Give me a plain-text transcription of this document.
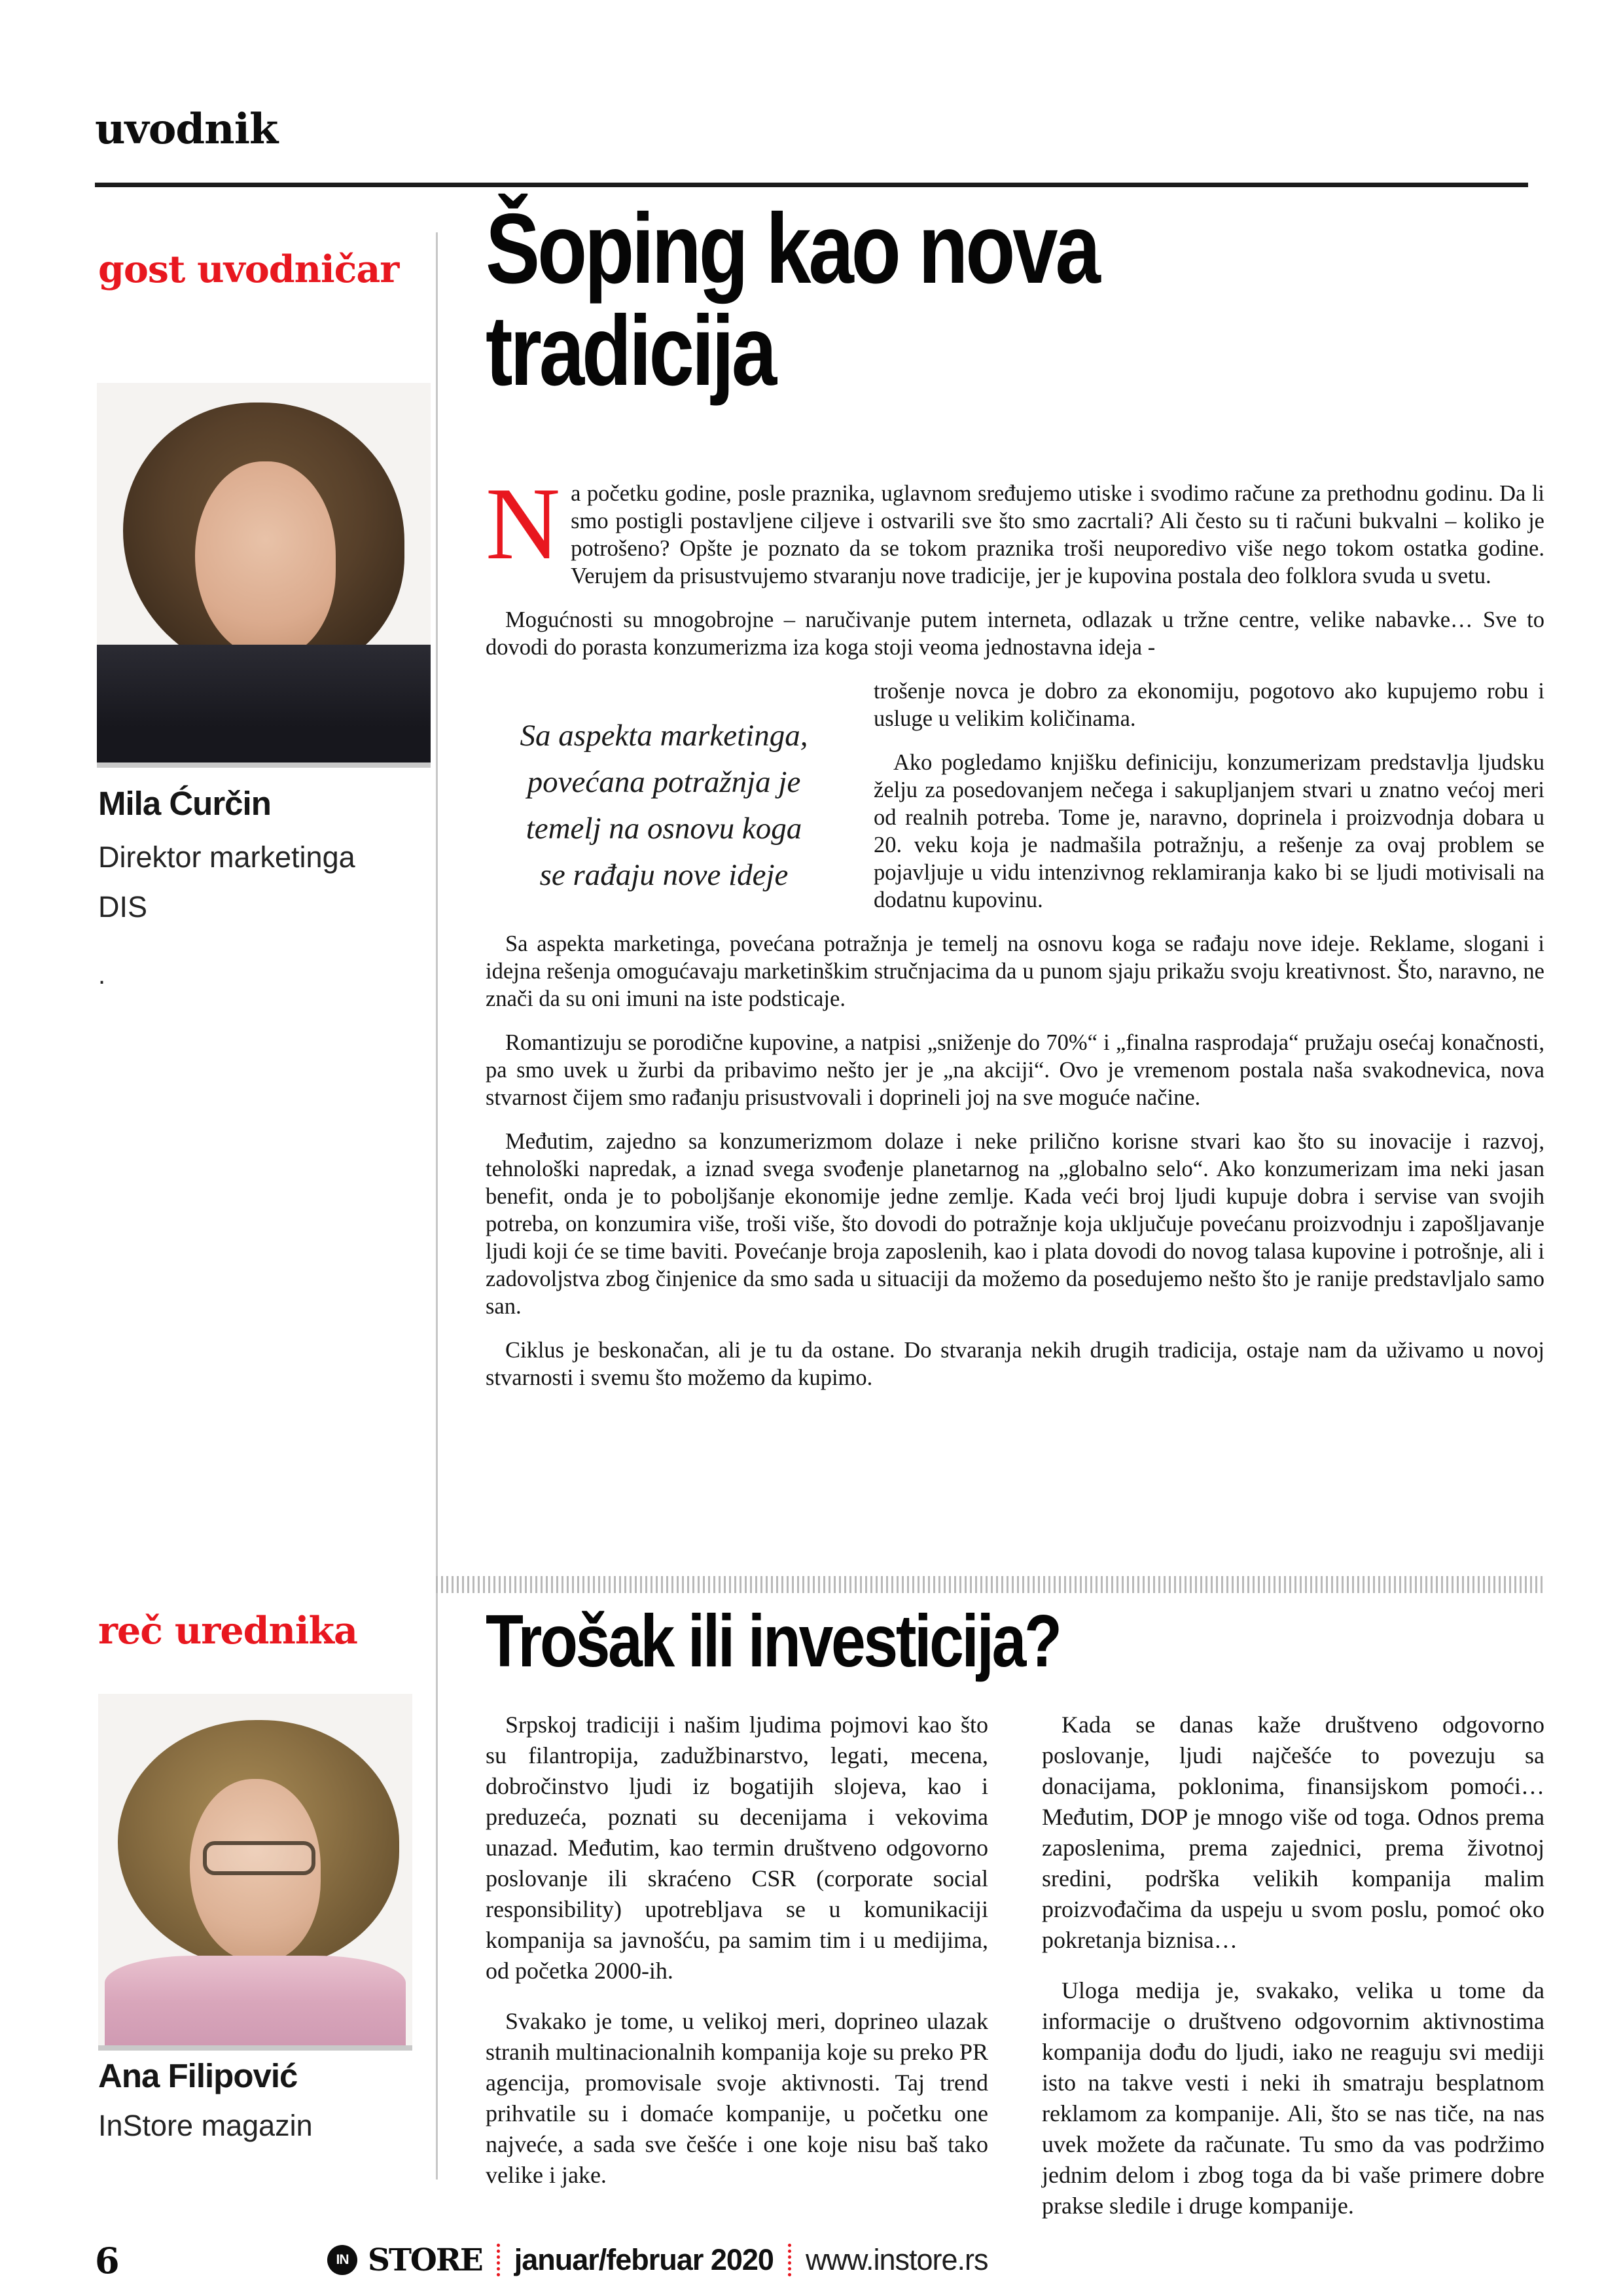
uvodnik
gost uvodničar
Mila Ćurčin
Direktor marketinga
DIS
.
reč urednika
Ana Filipović
InStore magazin
Šoping kao nova
tradicija

Na početku godine, posle praznika, uglavnom sređujemo utiske i svodimo račune za prethodnu godinu. Da li smo postigli postavljene ciljeve i ostvarili sve što smo zacrtali? Ali često su ti računi bukvalni – koliko je potrošeno? Opšte je poznato da se tokom praznika troši neuporedivo više nego tokom ostatka godine. Verujem da prisustvujemo stvaranju nove tradicije, jer je kupovina postala deo folklora svuda u svetu.

Mogućnosti su mnogobrojne – naručivanje putem interneta, odlazak u tržne centre, velike nabavke… Sve to dovodi do porasta konzumerizma iza koga stoji veoma jednostavna ideja -

Sa aspekta marketinga,
povećana potražnja je
temelj na osnovu koga
se rađaju nove ideje

trošenje novca je dobro za ekonomiju, pogotovo ako kupujemo robu i usluge u velikim količinama.

Ako pogledamo knjišku definiciju, konzumerizam predstavlja ljudsku želju za posedovanjem nečega i sakupljanjem stvari u znatno većoj meri od realnih potreba. Tome je, naravno, doprinela i proizvodnja dobara u 20. veku koja je nadmašila potražnju, a rešenje za ovaj problem se pojavljuje u vidu intenzivnog reklamiranja kako bi se ljudi motivisali na dodatnu kupovinu.

Sa aspekta marketinga, povećana potražnja je temelj na osnovu koga se rađaju nove ideje. Reklame, slogani i idejna rešenja omogućavaju marketinškim stručnjacima da u punom sjaju prikažu svoju kreativnost. Što, naravno, ne znači da su oni imuni na iste podsticaje.

Romantizuju se porodične kupovine, a natpisi „sniženje do 70%“ i „finalna rasprodaja“ pružaju osećaj konačnosti, pa smo uvek u žurbi da pribavimo nešto jer je „na akciji“. Ovo je vremenom postala naša svakodnevica, nova stvarnost čijem smo rađanju prisustvovali i doprineli joj na sve moguće načine.

Međutim, zajedno sa konzumerizmom dolaze i neke prilično korisne stvari kao što su inovacije i razvoj, tehnološki napredak, a iznad svega svođenje planetarnog na „globalno selo“. Ako konzumerizam ima neki jasan benefit, onda je to poboljšanje ekonomije jedne zemlje. Kada veći broj ljudi kupuje dobra i servise van svojih potreba, on konzumira više, troši više, što dovodi do potražnje koja uključuje povećanu proizvodnju i zapošljavanje ljudi koji će se time baviti. Povećanje broja zaposlenih, kao i plata dovodi do novog talasa kupovine i potrošnje, ali i zadovoljstva zbog činjenice da smo sada u situaciji da možemo da posedujemo nešto što je ranije predstavljalo samo san.

Ciklus je beskonačan, ali je tu da ostane. Do stvaranja nekih drugih tradicija, ostaje nam da uživamo u novoj stvarnosti i svemu što možemo da kupimo.

Trošak ili investicija?

Srpskoj tradiciji i našim ljudima pojmovi kao što su filantropija, zadužbinarstvo, legati, mecena, dobročinstvo ljudi iz bogatijih slojeva, kao i preduzeća, poznati su decenijama i vekovima unazad. Međutim, kao termin društveno odgovorno poslovanje ili skraćeno CSR (corporate social responsibility) upotrebljava se u komunikaciji kompanija sa javnošću, pa samim tim i u medijima, od početka 2000-ih.

Svakako je tome, u velikoj meri, doprineo ulazak stranih multinacionalnih kompanija koje su preko PR agencija, promovisale svoje aktivnosti. Taj trend prihvatile su i domaće kompanije, u početku one najveće, a sada sve češće i one koje nisu baš tako velike i jake.

Kada se danas kaže društveno odgovorno poslovanje, ljudi najčešće to povezuju sa donacijama, poklonima, finansijskom pomoći… Međutim, DOP je mnogo više od toga. Odnos prema zaposlenima, prema zajednici, prema životnoj sredini, podrška velikih kompanija malim proizvođačima da uspeju u svom poslu, pomoć oko pokretanja biznisa…

Uloga medija je, svakako, velika u tome da informacije o društveno odgovornim aktivnostima kompanija dođu do ljudi, iako ne reaguju svi mediji isto na takve vesti i neki ih smatraju besplatnom reklamom za kompanije. Ali, što se nas tiče, na nas uvek možete da računate. Tu smo da vas podržimo jednim delom i zbog toga da bi vaše primere dobre prakse sledile i druge kompanije.

6	IN STORE januar/februar 2020 www.instore.rs
